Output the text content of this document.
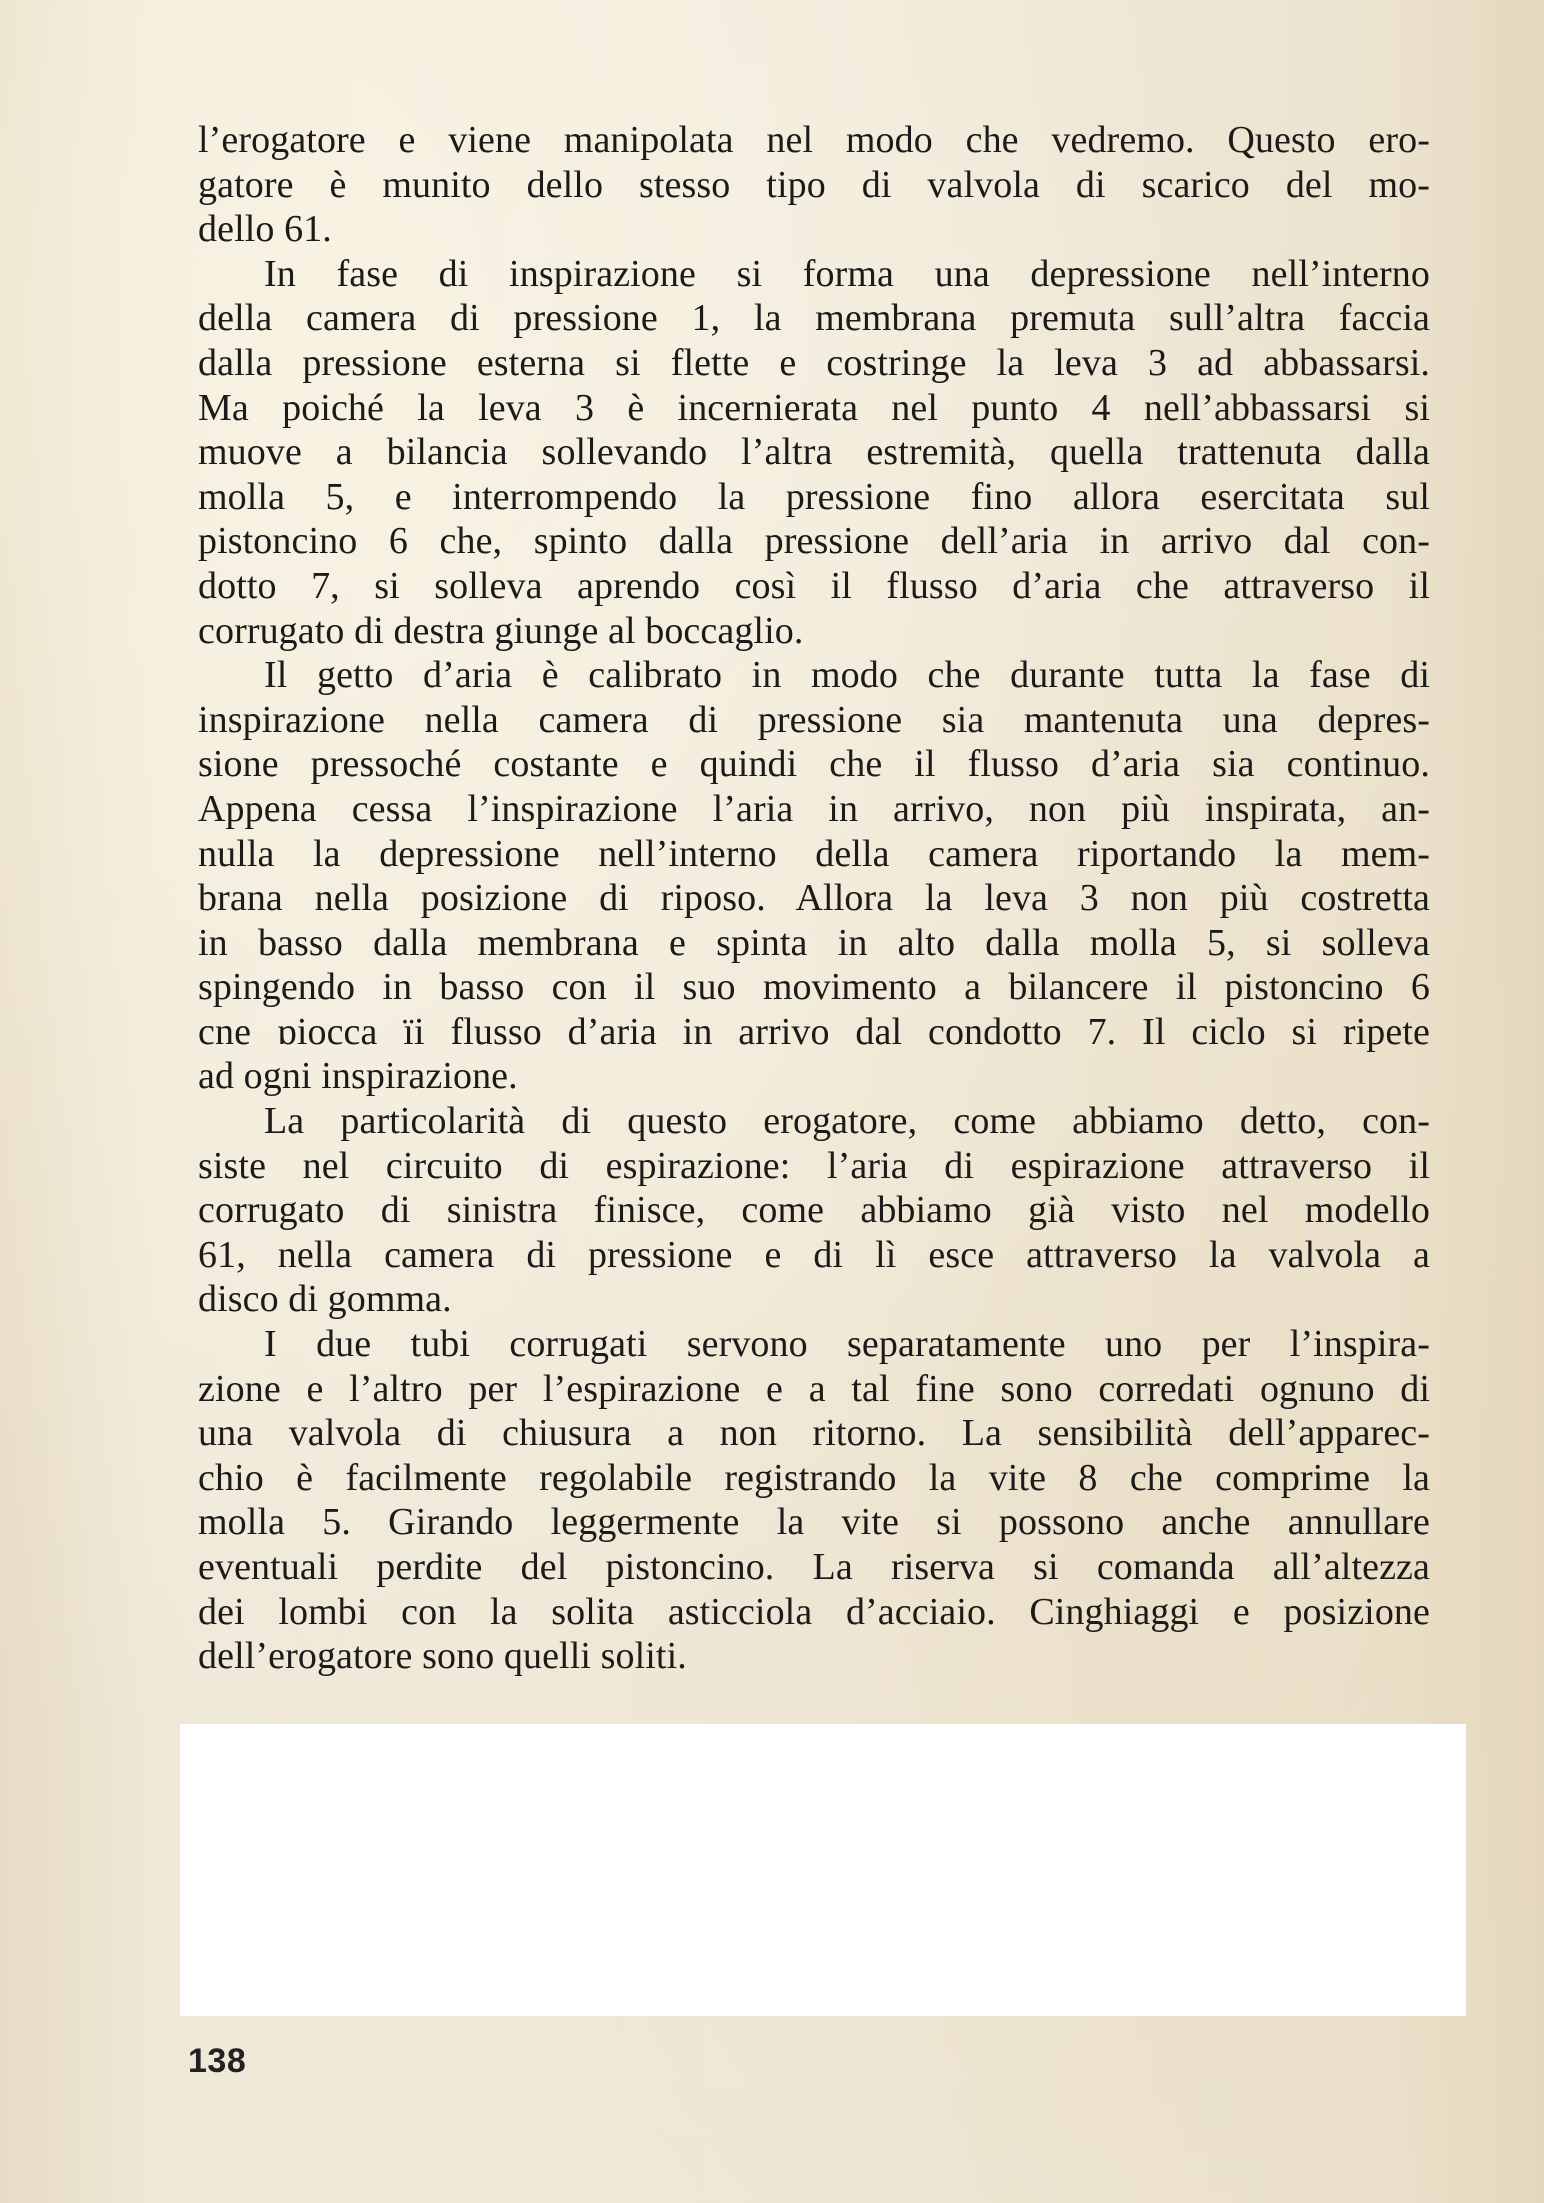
l’erogatore e viene manipolata nel modo che vedremo. Questo ero-
gatore è munito dello stesso tipo di valvola di scarico del mo-
dello 61.
In fase di inspirazione si forma una depressione nell’interno
della camera di pressione 1, la membrana premuta sull’altra faccia
dalla pressione esterna si flette e costringe la leva 3 ad abbassarsi.
Ma poiché la leva 3 è incernierata nel punto 4 nell’abbassarsi si
muove a bilancia sollevando l’altra estremità, quella trattenuta dalla
molla 5, e interrompendo la pressione fino allora esercitata sul
pistoncino 6 che, spinto dalla pressione dell’aria in arrivo dal con-
dotto 7, si solleva aprendo così il flusso d’aria che attraverso il
corrugato di destra giunge al boccaglio.
Il getto d’aria è calibrato in modo che durante tutta la fase di
inspirazione nella camera di pressione sia mantenuta una depres-
sione pressoché costante e quindi che il flusso d’aria sia continuo.
Appena cessa l’inspirazione l’aria in arrivo, non più inspirata, an-
nulla la depressione nell’interno della camera riportando la mem-
brana nella posizione di riposo. Allora la leva 3 non più costretta
in basso dalla membrana e spinta in alto dalla molla 5, si solleva
spingendo in basso con il suo movimento a bilancere il pistoncino 6
cne ɒiocca ïi flusso d’aria in arrivo dal condotto 7. Il ciclo si ripete
ad ogni inspirazione.
La particolarità di questo erogatore, come abbiamo detto, con-
siste nel circuito di espirazione: l’aria di espirazione attraverso il
corrugato di sinistra finisce, come abbiamo già visto nel modello
61, nella camera di pressione e di lì esce attraverso la valvola a
disco di gomma.
I due tubi corrugati servono separatamente uno per l’inspira-
zione e l’altro per l’espirazione e a tal fine sono corredati ognuno di
una valvola di chiusura a non ritorno. La sensibilità dell’apparec-
chio è facilmente regolabile registrando la vite 8 che comprime la
molla 5. Girando leggermente la vite si possono anche annullare
eventuali perdite del pistoncino. La riserva si comanda all’altezza
dei lombi con la solita asticciola d’acciaio. Cinghiaggi e posizione
dell’erogatore sono quelli soliti.
138
